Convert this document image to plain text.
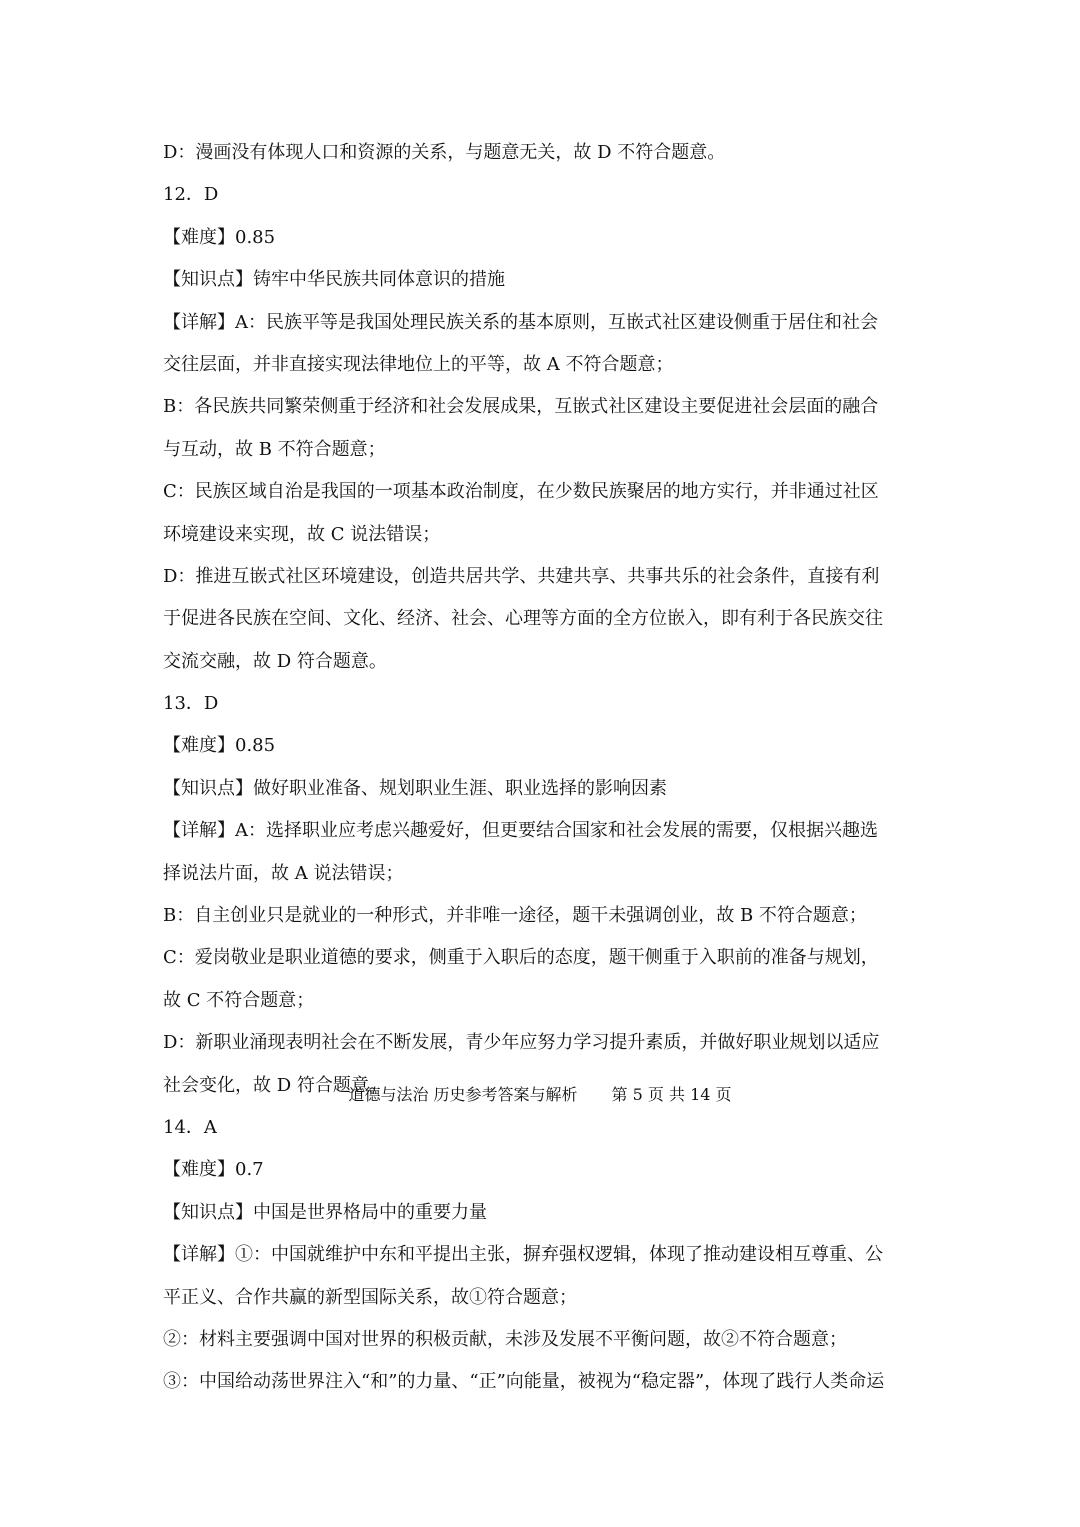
D：漫画没有体现人口和资源的关系，与题意无关，故 D 不符合题意。
12．D
【难度】0.85
【知识点】铸牢中华民族共同体意识的措施
【详解】A：民族平等是我国处理民族关系的基本原则，互嵌式社区建设侧重于居住和社会
交往层面，并非直接实现法律地位上的平等，故 A 不符合题意；
B：各民族共同繁荣侧重于经济和社会发展成果，互嵌式社区建设主要促进社会层面的融合
与互动，故 B 不符合题意；
C：民族区域自治是我国的一项基本政治制度，在少数民族聚居的地方实行，并非通过社区
环境建设来实现，故 C 说法错误；
D：推进互嵌式社区环境建设，创造共居共学、共建共享、共事共乐的社会条件，直接有利
于促进各民族在空间、文化、经济、社会、心理等方面的全方位嵌入，即有利于各民族交往
交流交融，故 D 符合题意。
13．D
【难度】0.85
【知识点】做好职业准备、规划职业生涯、职业选择的影响因素
【详解】A：选择职业应考虑兴趣爱好，但更要结合国家和社会发展的需要，仅根据兴趣选
择说法片面，故 A 说法错误；
B：自主创业只是就业的一种形式，并非唯一途径，题干未强调创业，故 B 不符合题意；
C：爱岗敬业是职业道德的要求，侧重于入职后的态度，题干侧重于入职前的准备与规划，
故 C 不符合题意；
D：新职业涌现表明社会在不断发展，青少年应努力学习提升素质，并做好职业规划以适应
社会变化，故 D 符合题意。
14．A
【难度】0.7
【知识点】中国是世界格局中的重要力量
【详解】①：中国就维护中东和平提出主张，摒弃强权逻辑，体现了推动建设相互尊重、公
平正义、合作共赢的新型国际关系，故①符合题意；
②：材料主要强调中国对世界的积极贡献，未涉及发展不平衡问题，故②不符合题意；
③：中国给动荡世界注入“和”的力量、“正”向能量，被视为“稳定器”，体现了践行人类命运
道德与法治 历史参考答案与解析 第 5 页 共 14 页
